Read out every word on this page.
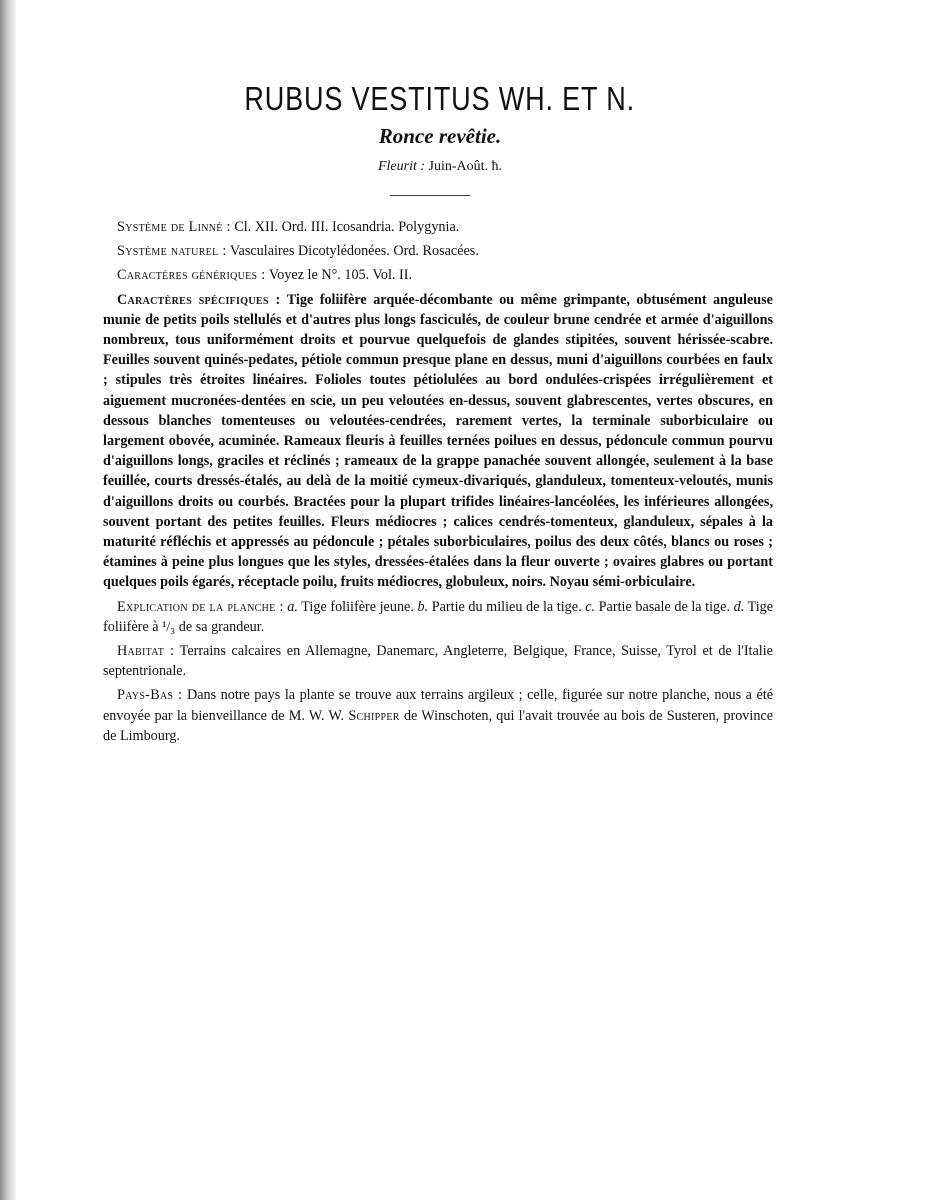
RUBUS VESTITUS WH. ET N.
Ronce revêtie.
Fleurit : Juin-Août. ħ.

Système de Linné : Cl. XII. Ord. III. Icosandria. Polygynia.

Système naturel : Vasculaires Dicotylédonées. Ord. Rosacées.

Caractères génériques : Voyez le N°. 105. Vol. II.

Caractères spécifiques : Tige foliifère arquée-décombante ou même grimpante, obtusément anguleuse munie de petits poils stellulés et d'autres plus longs fasciculés, de couleur brune cendrée et armée d'aiguillons nombreux, tous uniformément droits et pourvue quelquefois de glandes stipitées, souvent hérissée-scabre. Feuilles souvent quinés-pedates, pétiole commun presque plane en dessus, muni d'aiguillons courbées en faulx ; stipules très étroites linéaires. Folioles toutes pétiolulées au bord ondulées-crispées irrégulièrement et aiguement mucronées-dentées en scie, un peu veloutées en-dessus, souvent glabrescentes, vertes obscures, en dessous blanches tomenteuses ou veloutées-cendrées, rarement vertes, la terminale suborbiculaire ou largement obovée, acuminée. Rameaux fleuris à feuilles ternées poilues en dessus, pédoncule commun pourvu d'aiguillons longs, graciles et réclinés ; rameaux de la grappe panachée souvent allongée, seulement à la base feuillée, courts dressés-étalés, au delà de la moitié cymeux-divariqués, glanduleux, tomenteux-veloutés, munis d'aiguillons droits ou courbés. Bractées pour la plupart trifides linéaires-lancéolées, les inférieures allongées, souvent portant des petites feuilles. Fleurs médiocres ; calices cendrés-tomenteux, glanduleux, sépales à la maturité réfléchis et appressés au pédoncule ; pétales suborbiculaires, poilus des deux côtés, blancs ou roses ; étamines à peine plus longues que les styles, dressées-étalées dans la fleur ouverte ; ovaires glabres ou portant quelques poils égarés, réceptacle poilu, fruits médiocres, globuleux, noirs. Noyau sémi-orbiculaire.

Explication de la planche : a. Tige foliifère jeune. b. Partie du milieu de la tige. c. Partie basale de la tige. d. Tige foliifère à ¹/₃ de sa grandeur.

Habitat : Terrains calcaires en Allemagne, Danemarc, Angleterre, Belgique, France, Suisse, Tyrol et de l'Italie septentrionale.

Pays-Bas : Dans notre pays la plante se trouve aux terrains argileux ; celle, figurée sur notre planche, nous a été envoyée par la bienveillance de M. W. W. Schipper de Winschoten, qui l'avait trouvée au bois de Susteren, province de Limbourg.
